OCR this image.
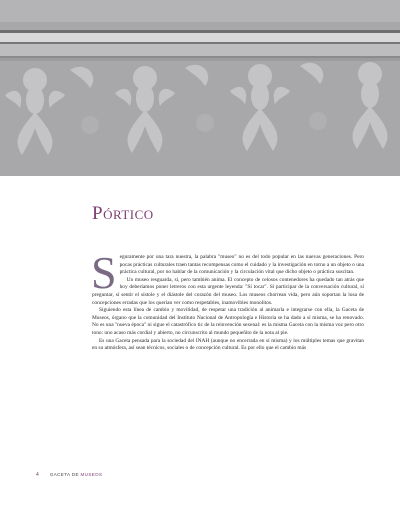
Pórtico

Seguramente por una tara nuestra, la palabra "museo" no es del todo popular en las nuevas generaciones. Pero pocas prácticas culturales traen tantas recompensas como el cuidado y la investigación en torno a un objeto o una práctica cultural, por no hablar de la comunicación y la circulación vital que dicho objeto o práctica suscitan.

Un museo resguarda, sí, pero también anima. El concepto de celosos contenedores ha quedado tan atrás que hoy deberíamos poner letreros con esta urgente leyenda: "Sí tocar". Sí participar de la conversación cultural, sí preguntar, sí sentir el sístole y el diástole del corazón del museo. Los museos chorrean vida, pero aún soportan la losa de concepciones erradas que los querían ver como respetables, inamovibles monolitos.

Siguiendo esta línea de cambio y movilidad, de respetar una tradición al animarla e integrarse con ella, la Gaceta de Museos, órgano que la comunidad del Instituto Nacional de Antropología e Historia se ha dado a sí misma, se ha renovado. No es una "nueva época" ni sigue el catastrófico tic de la reinvención sexenal: es la misma Gaceta con la misma voz pero otro tono: uno acaso más cordial y abierto, no circunscrito al mundo pequeñito de la nota al pie.

Es una Gaceta pensada para la sociedad del INAH (aunque no encerrada en sí misma) y los múltiples temas que gravitan en su atmósfera, así sean técnicos, sociales o de concepción cultural. Es por ello que el cambio más

4 GACETA DE MUSEOS
